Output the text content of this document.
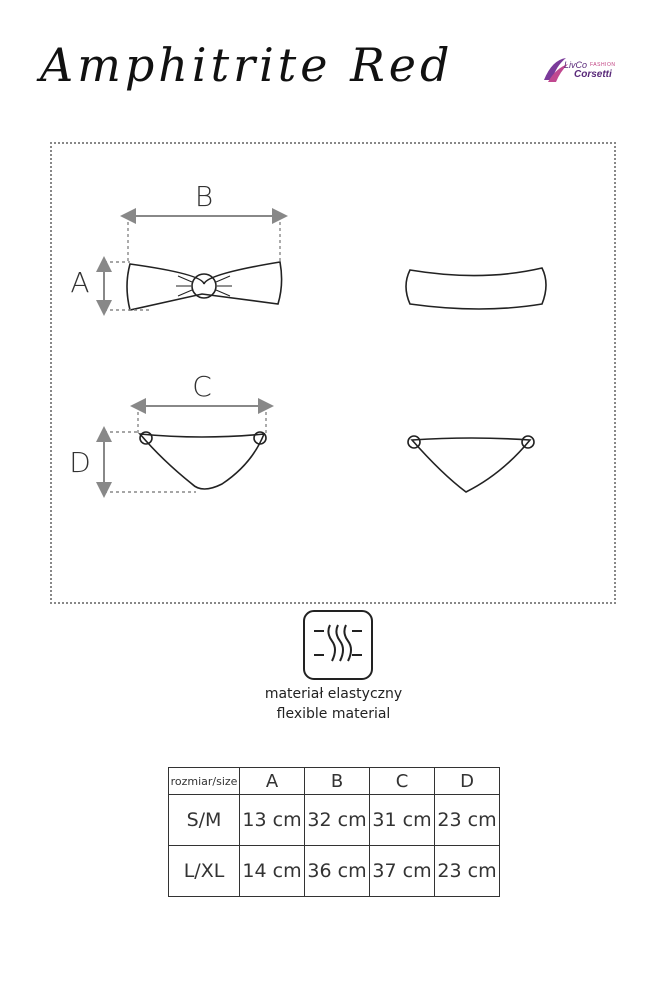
Amphitrite Red	LivCo FASHION
Corsetti
B
A
C
D
materiał elastyczny
flexible material
rozmiar/size	A	B	C	D
S/M	13 cm	32 cm	31 cm	23 cm
L/XL	14 cm	36 cm	37 cm	23 cm
